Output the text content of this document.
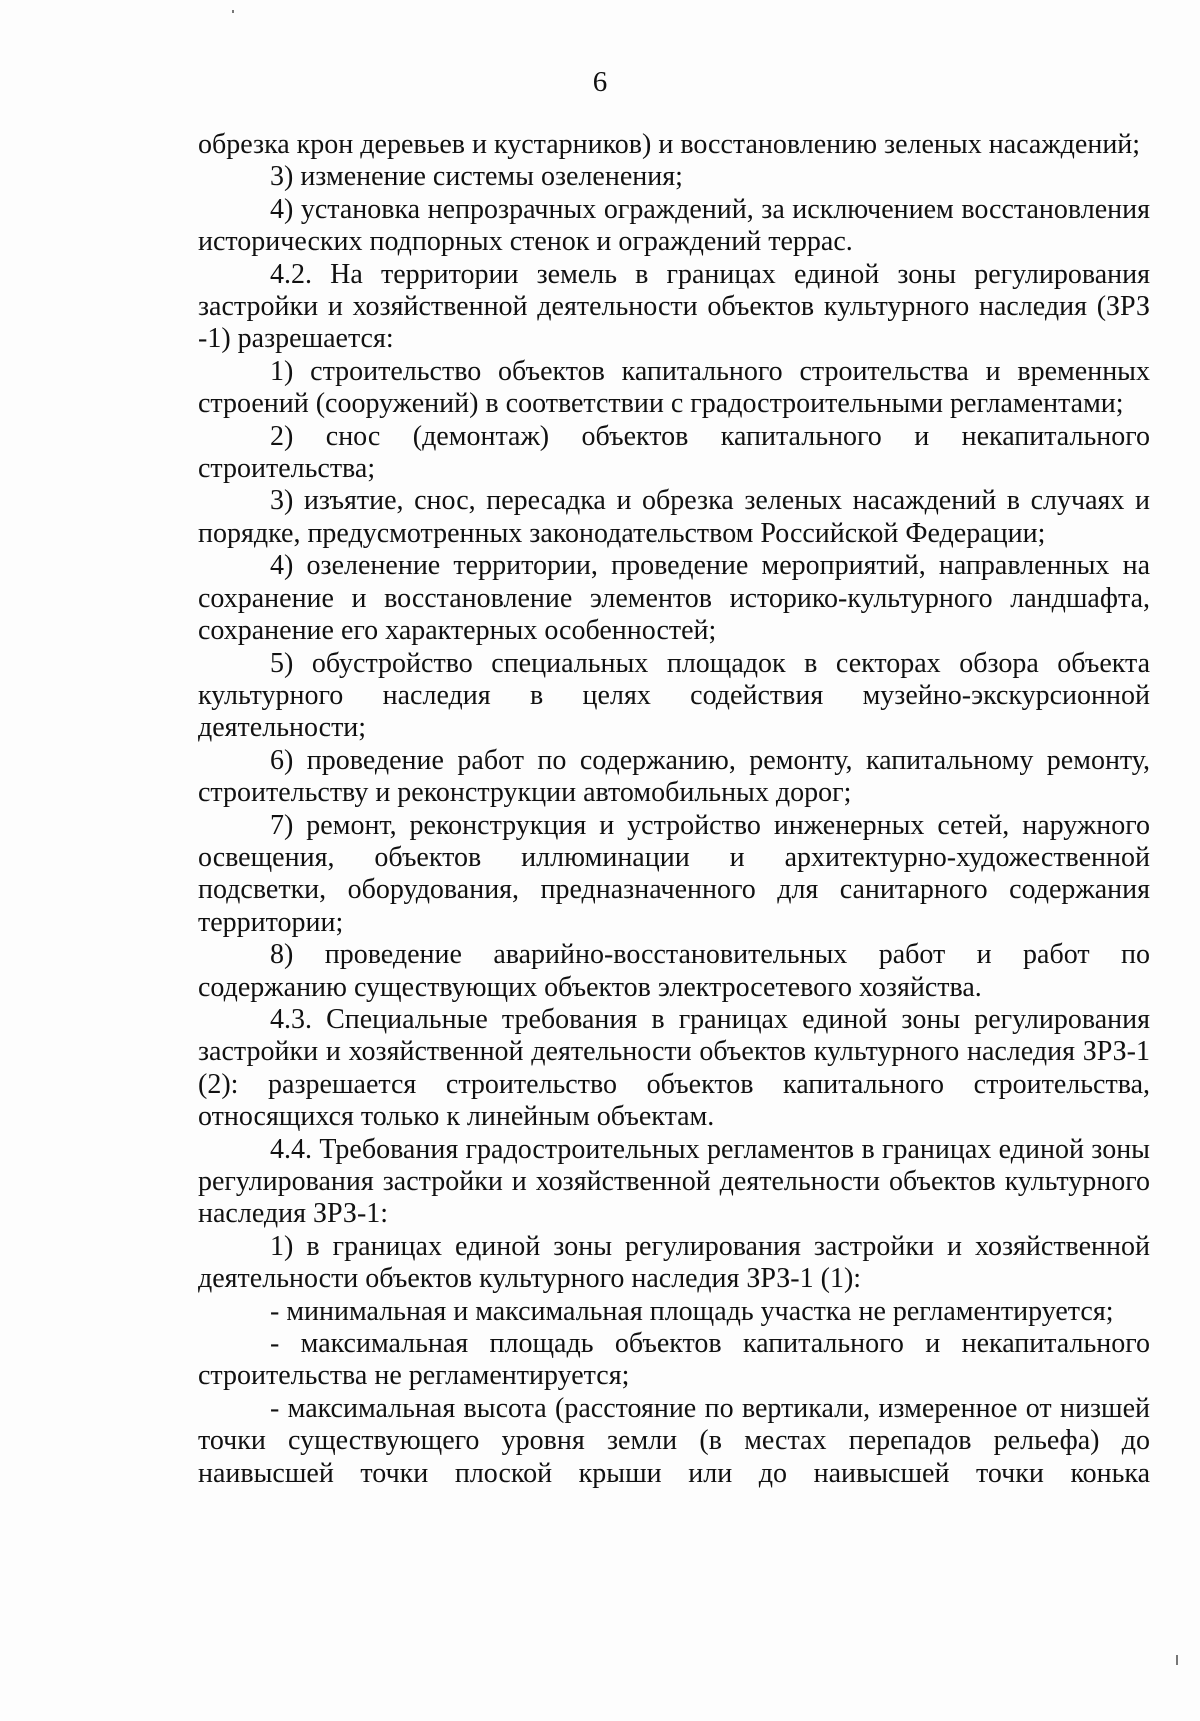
6

обрезка крон деревьев и кустарников) и восстановлению зеленых насаждений;

3) изменение системы озеленения;

4) установка непрозрачных ограждений, за исключением восстановления исторических подпорных стенок и ограждений террас.

4.2. На территории земель в границах единой зоны регулирования застройки и хозяйственной деятельности объектов культурного наследия (ЗРЗ -1) разрешается:

1) строительство объектов капитального строительства и временных строений (сооружений) в соответствии с градостроительными регламентами;

2) снос (демонтаж) объектов капитального и некапитального строительства;

3) изъятие, снос, пересадка и обрезка зеленых насаждений в случаях и порядке, предусмотренных законодательством Российской Федерации;

4) озеленение территории, проведение мероприятий, направленных на сохранение и восстановление элементов историко-культурного ландшафта, сохранение его характерных особенностей;

5) обустройство специальных площадок в секторах обзора объекта культурного наследия в целях содействия музейно-экскурсионной деятельности;

6) проведение работ по содержанию, ремонту, капитальному ремонту, строительству и реконструкции автомобильных дорог;

7) ремонт, реконструкция и устройство инженерных сетей, наружного освещения, объектов иллюминации и архитектурно-художественной подсветки, оборудования, предназначенного для санитарного содержания территории;

8) проведение аварийно-восстановительных работ и работ по содержанию существующих объектов электросетевого хозяйства.

4.3. Специальные требования в границах единой зоны регулирования застройки и хозяйственной деятельности объектов культурного наследия ЗРЗ-1 (2): разрешается строительство объектов капитального строительства, относящихся только к линейным объектам.

4.4. Требования градостроительных регламентов в границах единой зоны регулирования застройки и хозяйственной деятельности объектов культурного наследия ЗРЗ-1:

1) в границах единой зоны регулирования застройки и хозяйственной деятельности объектов культурного наследия ЗРЗ-1 (1):

- минимальная и максимальная площадь участка не регламентируется;

- максимальная площадь объектов капитального и некапитального строительства не регламентируется;

- максимальная высота (расстояние по вертикали, измеренное от низшей точки существующего уровня земли (в местах перепадов рельефа) до наивысшей точки плоской крыши или до наивысшей точки конька
